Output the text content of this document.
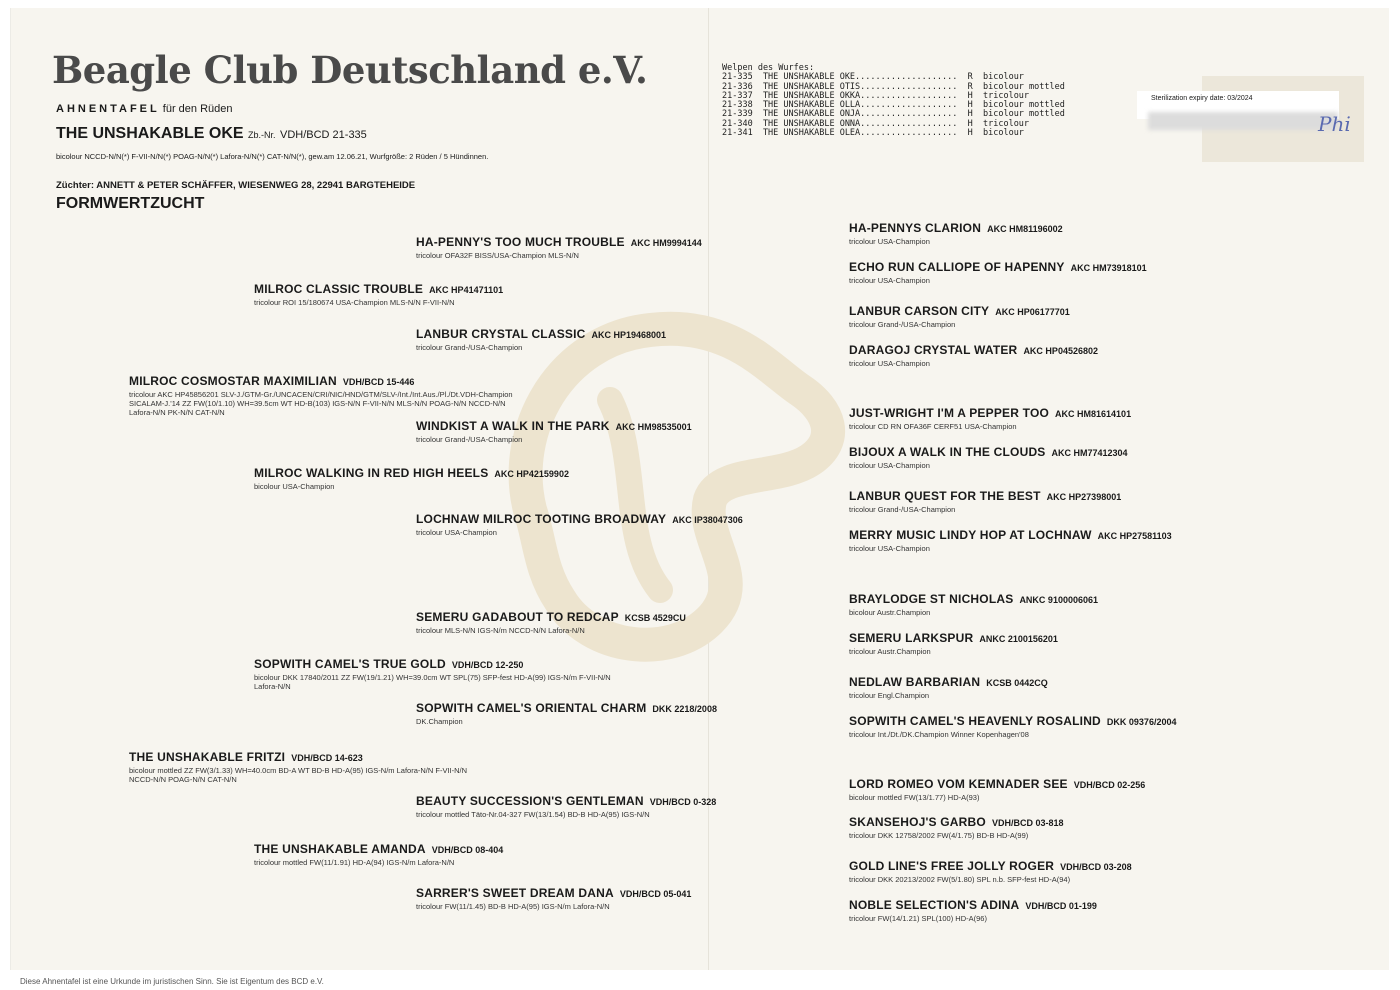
Beagle Club Deutschland e.V.
AHNENTAFEL für den Rüden
THE UNSHAKABLE OKE Zb.-Nr. VDH/BCD 21-335
bicolour NCCD-N/N(*) F-VII-N/N(*) POAG-N/N(*) Lafora-N/N(*) CAT-N/N(*), gew.am 12.06.21, Wurfgröße: 2 Rüden / 5 Hündinnen.
Züchter: ANNETT & PETER SCHÄFFER, WIESENWEG 28, 22941 BARGTEHEIDE
FORMWERTZUCHT
Welpen des Wurfes:
21-335  THE UNSHAKABLE OKE....................  R  bicolour
21-336  THE UNSHAKABLE OTIS...................  R  bicolour mottled
21-337  THE UNSHAKABLE OKKA...................  H  tricolour
21-338  THE UNSHAKABLE OLLA...................  H  bicolour mottled
21-339  THE UNSHAKABLE ONJA...................  H  bicolour mottled
21-340  THE UNSHAKABLE ONNA...................  H  tricolour
21-341  THE UNSHAKABLE OLEA...................  H  bicolour
Sterilization expiry date: 03/2024
Phi
MILROC COSMOSTAR MAXIMILIAN VDH/BCD 15-446
tricolour AKC HP45856201 SLV-J./GTM-Gr./UNCACEN/CRI/NIC/HND/GTM/SLV-/Int./Int.Aus./Pl./Dt.VDH-Champion
SICALAM-J.'14 ZZ FW(10/1.10) WH=39.5cm WT HD-B(103) IGS-N/N F-VII-N/N MLS-N/N POAG-N/N NCCD-N/N
Lafora-N/N PK-N/N CAT-N/N
THE UNSHAKABLE FRITZI VDH/BCD 14-623
bicolour mottled ZZ FW(3/1.33) WH=40.0cm BD-A WT BD-B HD-A(95) IGS-N/m Lafora-N/N F-VII-N/N
NCCD-N/N POAG-N/N CAT-N/N
MILROC CLASSIC TROUBLE AKC HP41471101
tricolour ROI 15/180674 USA-Champion MLS-N/N F-VII-N/N
MILROC WALKING IN RED HIGH HEELS AKC HP42159902
bicolour USA-Champion
SOPWITH CAMEL'S TRUE GOLD VDH/BCD 12-250
bicolour DKK 17840/2011 ZZ FW(19/1.21) WH=39.0cm WT SPL(75) SFP-fest HD-A(99) IGS-N/m F-VII-N/N
Lafora-N/N
THE UNSHAKABLE AMANDA VDH/BCD 08-404
tricolour mottled FW(11/1.91) HD-A(94) IGS-N/m Lafora-N/N
HA-PENNY'S TOO MUCH TROUBLE AKC HM9994144
tricolour OFA32F BISS/USA-Champion MLS-N/N
LANBUR CRYSTAL CLASSIC AKC HP19468001
tricolour Grand-/USA-Champion
WINDKIST A WALK IN THE PARK AKC HM98535001
tricolour Grand-/USA-Champion
LOCHNAW MILROC TOOTING BROADWAY AKC IP38047306
tricolour USA-Champion
SEMERU GADABOUT TO REDCAP KCSB 4529CU
tricolour MLS-N/N IGS-N/m NCCD-N/N Lafora-N/N
SOPWITH CAMEL'S ORIENTAL CHARM DKK 2218/2008
DK.Champion
BEAUTY SUCCESSION'S GENTLEMAN VDH/BCD 0-328
tricolour mottled Täto-Nr.04-327 FW(13/1.54) BD-B HD-A(95) IGS-N/N
SARRER'S SWEET DREAM DANA VDH/BCD 05-041
tricolour FW(11/1.45) BD-B HD-A(95) IGS-N/m Lafora-N/N
HA-PENNYS CLARION AKC HM81196002
tricolour USA-Champion
ECHO RUN CALLIOPE OF HAPENNY AKC HM73918101
tricolour USA-Champion
LANBUR CARSON CITY AKC HP06177701
tricolour Grand-/USA-Champion
DARAGOJ CRYSTAL WATER AKC HP04526802
tricolour USA-Champion
JUST-WRIGHT I'M A PEPPER TOO AKC HM81614101
tricolour CD RN OFA36F CERF51 USA-Champion
BIJOUX A WALK IN THE CLOUDS AKC HM77412304
tricolour USA-Champion
LANBUR QUEST FOR THE BEST AKC HP27398001
tricolour Grand-/USA-Champion
MERRY MUSIC LINDY HOP AT LOCHNAW AKC HP27581103
tricolour USA-Champion
BRAYLODGE ST NICHOLAS ANKC 9100006061
bicolour Austr.Champion
SEMERU LARKSPUR ANKC 2100156201
tricolour Austr.Champion
NEDLAW BARBARIAN KCSB 0442CQ
tricolour Engl.Champion
SOPWITH CAMEL'S HEAVENLY ROSALIND DKK 09376/2004
tricolour Int./Dt./DK.Champion Winner Kopenhagen'08
LORD ROMEO VOM KEMNADER SEE VDH/BCD 02-256
bicolour mottled FW(13/1.77) HD-A(93)
SKANSEHOJ'S GARBO VDH/BCD 03-818
tricolour DKK 12758/2002 FW(4/1.75) BD-B HD-A(99)
GOLD LINE'S FREE JOLLY ROGER VDH/BCD 03-208
tricolour DKK 20213/2002 FW(5/1.80) SPL n.b. SFP-fest HD-A(94)
NOBLE SELECTION'S ADINA VDH/BCD 01-199
tricolour FW(14/1.21) SPL(100) HD-A(96)
Diese Ahnentafel ist eine Urkunde im juristischen Sinn. Sie ist Eigentum des BCD e.V.
